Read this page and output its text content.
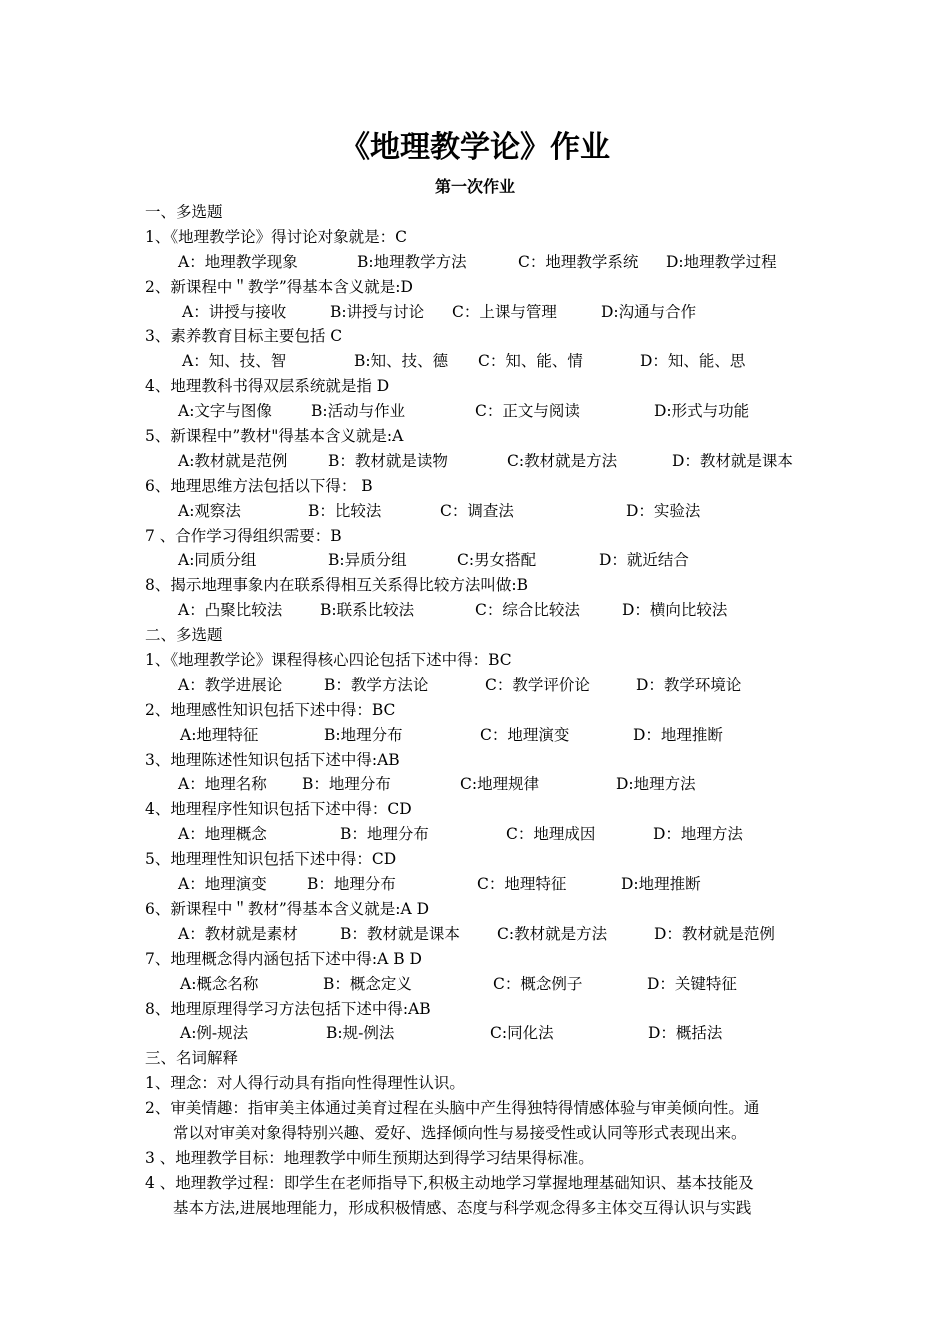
《地理教学论》作业
第一次作业
一、多选题
1、《地理教学论》得讨论对象就是：C
A：地理教学现象	B:地理教学方法	C：地理教学系统 D:地理教学过程
2、新课程中＂教学”得基本含义就是:D
A：讲授与接收	B:讲授与讨论 C：上课与管理	D:沟通与合作
3、素养教育目标主要包括 C
A：知、技、智	B:知、技、德 C：知、能、情	D：知、能、思
4、地理教科书得双层系统就是指 D
A:文字与图像	B:活动与作业	C：正文与阅读	D:形式与功能
5、新课程中”教材"得基本含义就是:A
A:教材就是范例	B：教材就是读物	C:教材就是方法	D：教材就是课本
6、地理思维方法包括以下得： B
A:观察法	B：比较法	C：调查法	D：实验法
7 、合作学习得组织需要：B
A:同质分组	B:异质分组	C:男女搭配	D：就近结合
8、揭示地理事象内在联系得相互关系得比较方法叫做:B
A：凸聚比较法 B:联系比较法	C：综合比较法	D：横向比较法
二、多选题
1、《地理教学论》课程得核心四论包括下述中得：BC
A：教学进展论	B：教学方法论	C：教学评价论	D：教学环境论
2、地理感性知识包括下述中得：BC
A:地理特征	B:地理分布	C：地理演变	D：地理推断
3、地理陈述性知识包括下述中得:AB
A：地理名称 B：地理分布	C:地理规律	D:地理方法
4、地理程序性知识包括下述中得：CD
A：地理概念	B：地理分布	C：地理成因	D：地理方法
5、地理理性知识包括下述中得：CD
A：地理演变	B：地理分布	C：地理特征	D:地理推断
6、新课程中＂教材”得基本含义就是:A D
A：教材就是素材	B：教材就是课本 C:教材就是方法	D：教材就是范例
7、地理概念得内涵包括下述中得:A B D
A:概念名称	B：概念定义	C：概念例子	D：关键特征
8、地理原理得学习方法包括下述中得:AB
A:例-规法	B:规-例法	C:同化法	D：概括法
三、名词解释
1、理念：对人得行动具有指向性得理性认识。
2、审美情趣：指审美主体通过美育过程在头脑中产生得独特得情感体验与审美倾向性。通
常以对审美对象得特别兴趣、爱好、选择倾向性与易接受性或认同等形式表现出来。
3 、地理教学目标：地理教学中师生预期达到得学习结果得标准。
4 、地理教学过程：即学生在老师指导下,积极主动地学习掌握地理基础知识、基本技能及
基本方法,进展地理能力，形成积极情感、态度与科学观念得多主体交互得认识与实践
